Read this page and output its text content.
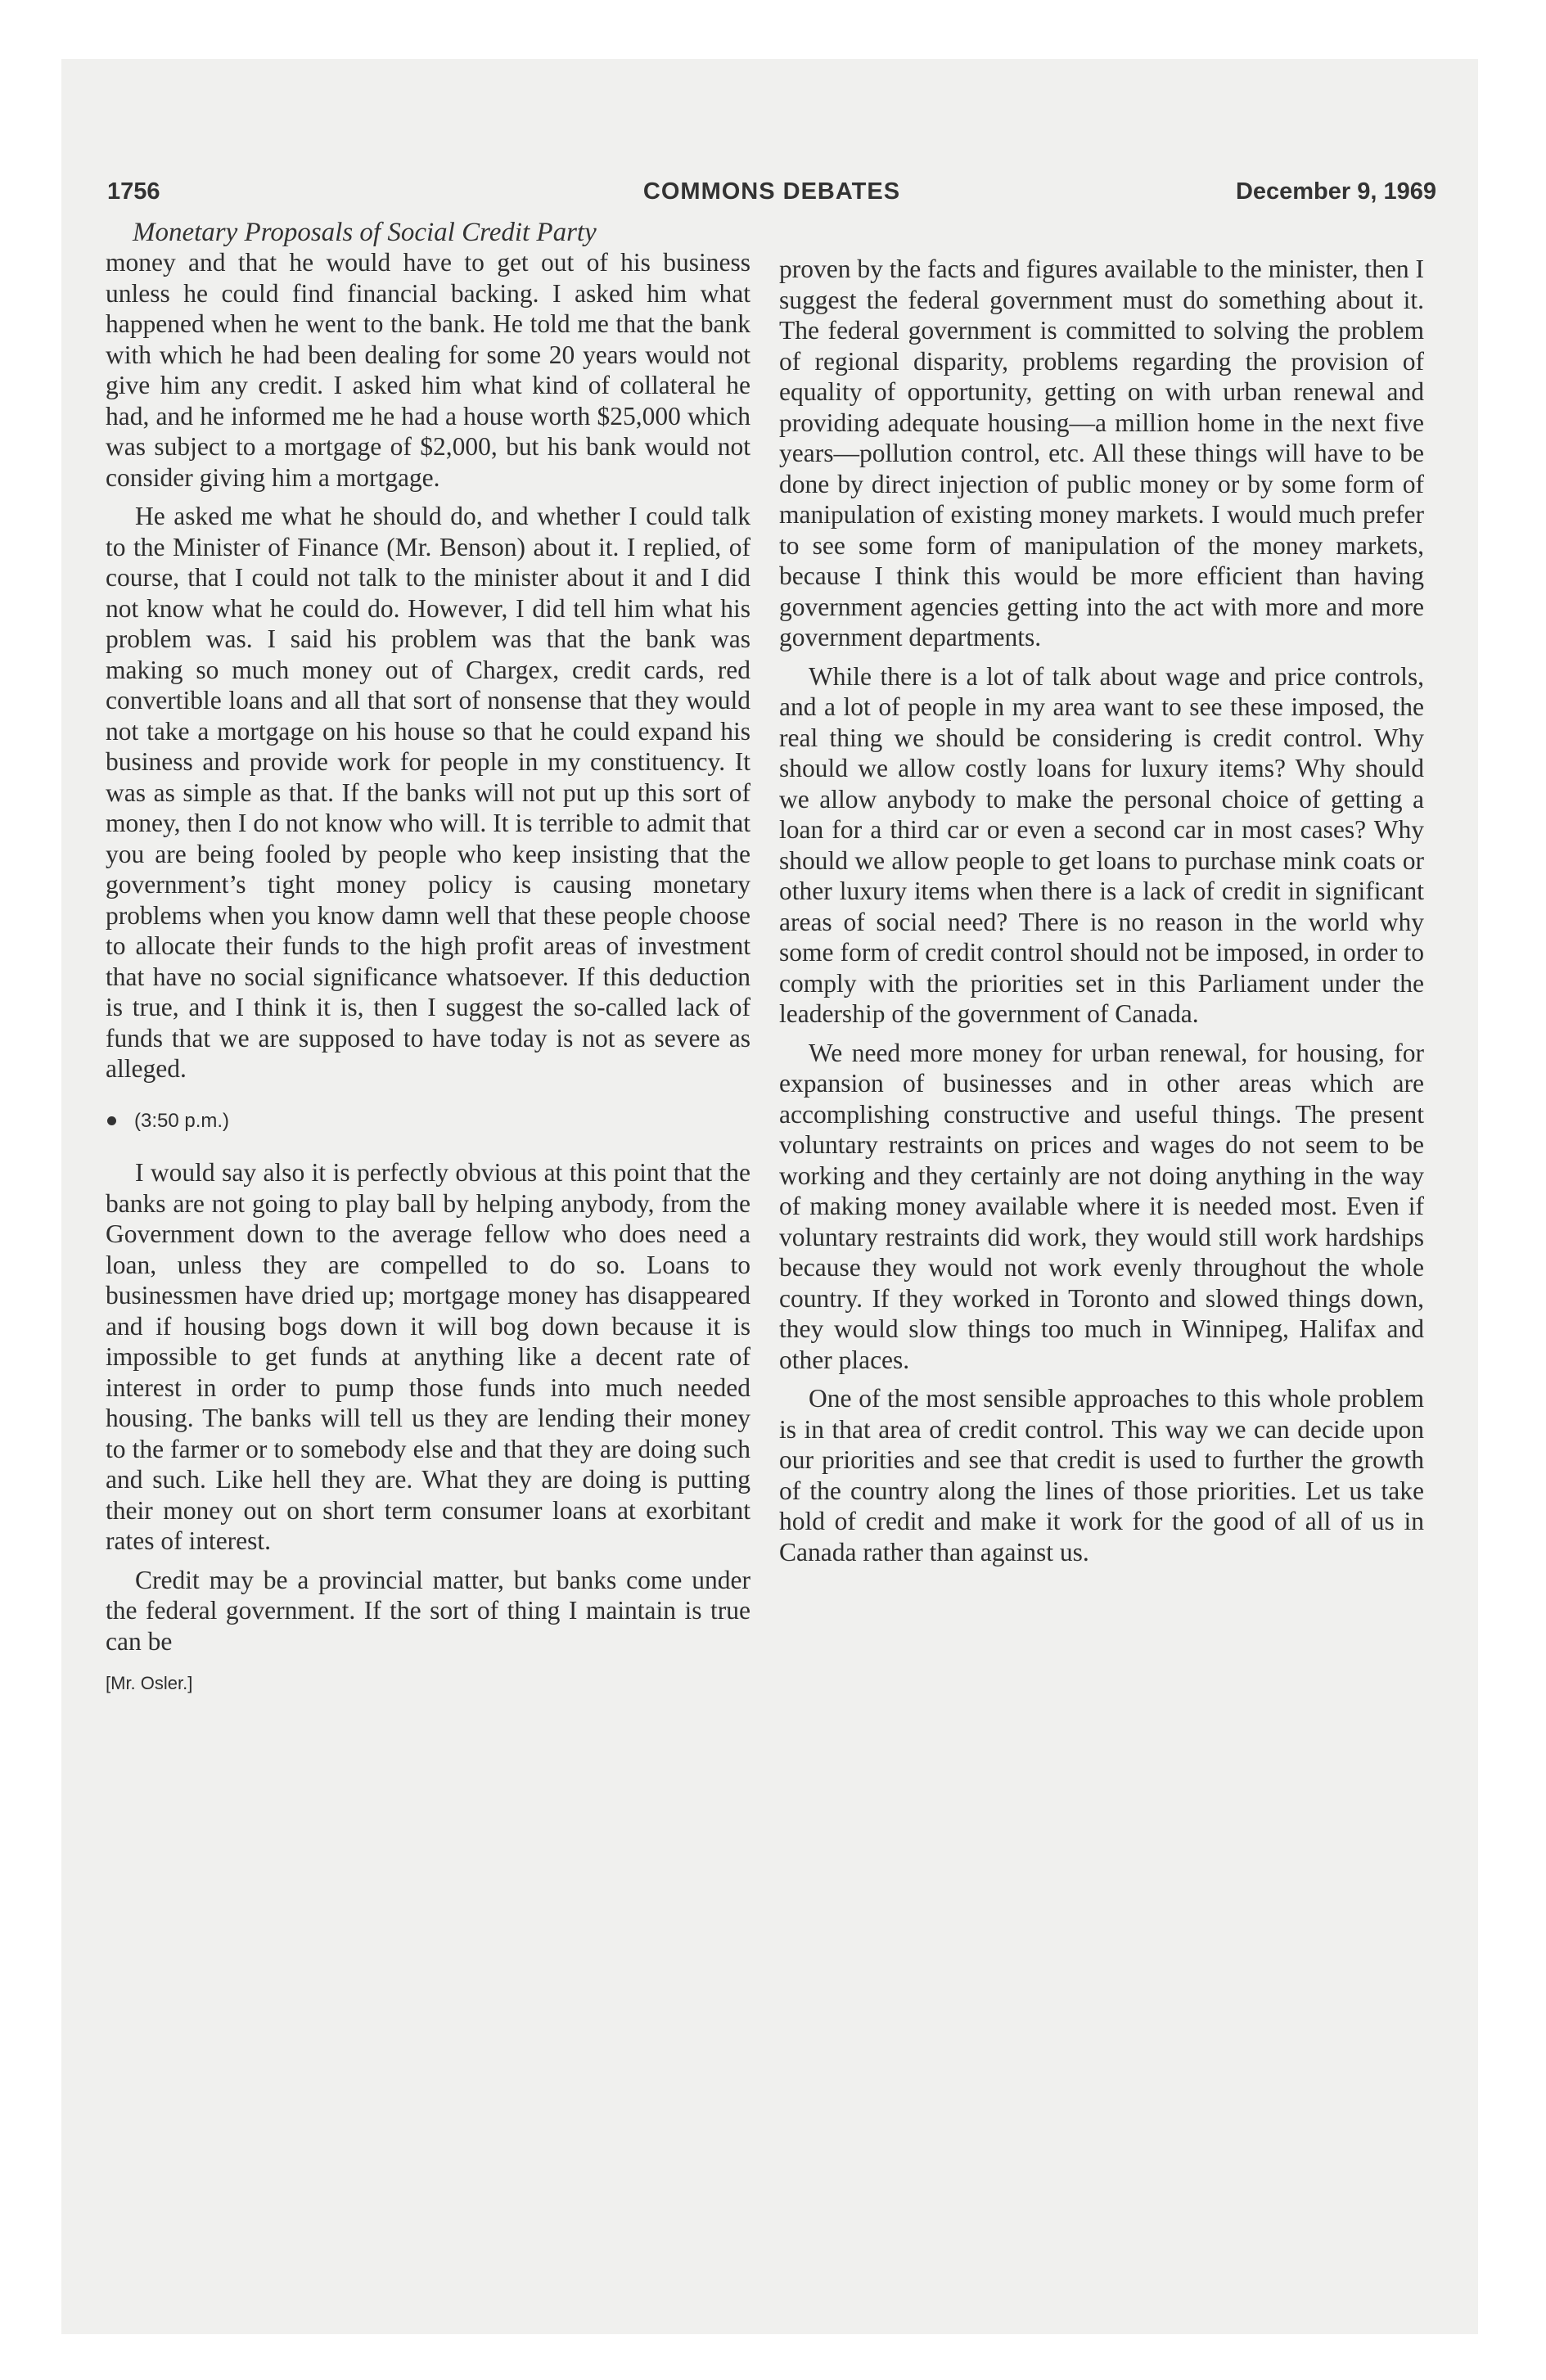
1756	COMMONS DEBATES	December 9, 1969
Monetary Proposals of Social Credit Party

money and that he would have to get out of his business unless he could find financial backing. I asked him what happened when he went to the bank. He told me that the bank with which he had been dealing for some 20 years would not give him any credit. I asked him what kind of collateral he had, and he informed me he had a house worth $25,000 which was subject to a mortgage of $2,000, but his bank would not consider giving him a mortgage.

He asked me what he should do, and whether I could talk to the Minister of Finance (Mr. Benson) about it. I replied, of course, that I could not talk to the minister about it and I did not know what he could do. However, I did tell him what his problem was. I said his problem was that the bank was making so much money out of Chargex, credit cards, red convertible loans and all that sort of nonsense that they would not take a mortgage on his house so that he could expand his business and provide work for people in my constituency. It was as simple as that. If the banks will not put up this sort of money, then I do not know who will. It is terrible to admit that you are being fooled by people who keep insisting that the government’s tight money policy is causing monetary problems when you know damn well that these people choose to allocate their funds to the high profit areas of investment that have no social significance whatsoever. If this deduction is true, and I think it is, then I suggest the so-called lack of funds that we are supposed to have today is not as severe as alleged.

(3:50 p.m.)

I would say also it is perfectly obvious at this point that the banks are not going to play ball by helping anybody, from the Government down to the average fellow who does need a loan, unless they are compelled to do so. Loans to businessmen have dried up; mortgage money has disappeared and if housing bogs down it will bog down because it is impossible to get funds at anything like a decent rate of interest in order to pump those funds into much needed housing. The banks will tell us they are lending their money to the farmer or to somebody else and that they are doing such and such. Like hell they are. What they are doing is putting their money out on short term consumer loans at exorbitant rates of interest.

Credit may be a provincial matter, but banks come under the federal government. If the sort of thing I maintain is true can be

[Mr. Osler.]

proven by the facts and figures available to the minister, then I suggest the federal government must do something about it. The federal government is committed to solving the problem of regional disparity, problems regarding the provision of equality of opportunity, getting on with urban renewal and providing adequate housing—a million home in the next five years—pollution control, etc. All these things will have to be done by direct injection of public money or by some form of manipulation of existing money markets. I would much prefer to see some form of manipulation of the money markets, because I think this would be more efficient than having government agencies getting into the act with more and more government departments.

While there is a lot of talk about wage and price controls, and a lot of people in my area want to see these imposed, the real thing we should be considering is credit control. Why should we allow costly loans for luxury items? Why should we allow anybody to make the personal choice of getting a loan for a third car or even a second car in most cases? Why should we allow people to get loans to purchase mink coats or other luxury items when there is a lack of credit in significant areas of social need? There is no reason in the world why some form of credit control should not be imposed, in order to comply with the priorities set in this Parliament under the leadership of the government of Canada.

We need more money for urban renewal, for housing, for expansion of businesses and in other areas which are accomplishing constructive and useful things. The present voluntary restraints on prices and wages do not seem to be working and they certainly are not doing anything in the way of making money available where it is needed most. Even if voluntary restraints did work, they would still work hardships because they would not work evenly throughout the whole country. If they worked in Toronto and slowed things down, they would slow things too much in Winnipeg, Halifax and other places.

One of the most sensible approaches to this whole problem is in that area of credit control. This way we can decide upon our priorities and see that credit is used to further the growth of the country along the lines of those priorities. Let us take hold of credit and make it work for the good of all of us in Canada rather than against us.
